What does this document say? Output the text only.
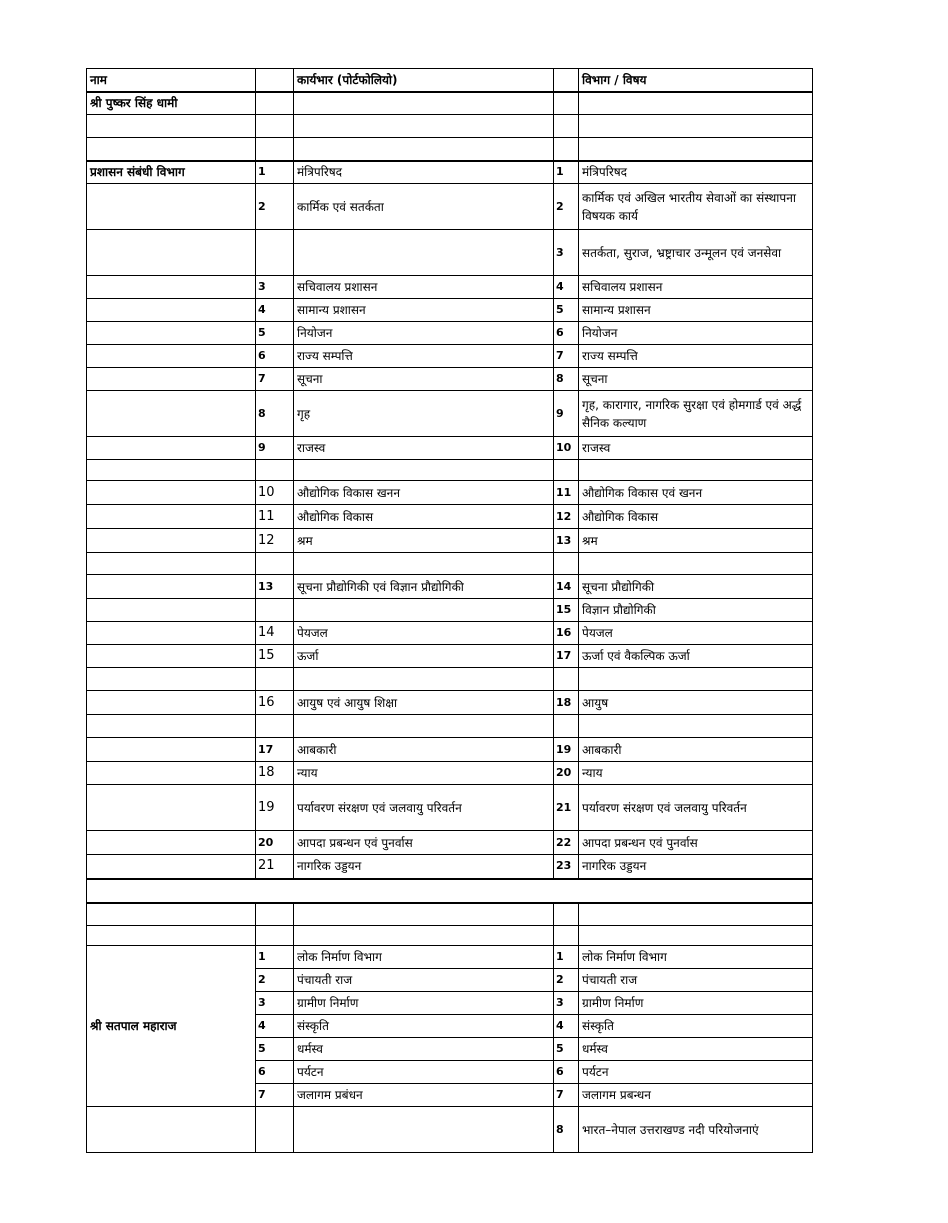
नाम		कार्यभार (पोर्टफोलियो)		विभाग / विषय
श्री पुष्कर सिंह धामी				

प्रशासन संबंधी विभाग	1	मंत्रिपरिषद	1	मंत्रिपरिषद
	2	कार्मिक एवं सतर्कता	2	कार्मिक एवं अखिल भारतीय सेवाओं का संस्थापना विषयक कार्य
			3	सतर्कता, सुराज, भ्रष्ट्राचार उन्मूलन एवं जनसेवा
	3	सचिवालय प्रशासन	4	सचिवालय प्रशासन
	4	सामान्य प्रशासन	5	सामान्य प्रशासन
	5	नियोजन	6	नियोजन
	6	राज्य सम्पत्ति	7	राज्य सम्पत्ति
	7	सूचना	8	सूचना
	8	गृह	9	गृह, कारागार, नागरिक सुरक्षा एवं होमगार्ड एवं अर्द्ध सैनिक कल्याण
	9	राजस्व	10	राजस्व

	10	औद्योगिक विकास खनन	11	औद्योगिक विकास एवं खनन
	11	औद्योगिक विकास	12	औद्योगिक विकास
	12	श्रम	13	श्रम

	13	सूचना प्रौद्योगिकी एवं विज्ञान प्रौद्योगिकी	14	सूचना प्रौद्योगिकी
			15	विज्ञान प्रौद्योगिकी
	14	पेयजल	16	पेयजल
	15	ऊर्जा	17	ऊर्जा एवं वैकल्पिक ऊर्जा

	16	आयुष एवं आयुष शिक्षा	18	आयुष

	17	आबकारी	19	आबकारी
	18	न्याय	20	न्याय
	19	पर्यावरण संरक्षण एवं जलवायु परिवर्तन	21	पर्यावरण संरक्षण एवं जलवायु परिवर्तन
	20	आपदा प्रबन्धन एवं पुनर्वास	22	आपदा प्रबन्धन एवं पुनर्वास
	21	नागरिक उड्डयन	23	नागरिक उड्डयन

श्री सतपाल महाराज	1	लोक निर्माण विभाग	1	लोक निर्माण विभाग
	2	पंचायती राज	2	पंचायती राज
	3	ग्रामीण निर्माण	3	ग्रामीण निर्माण
	4	संस्कृति	4	संस्कृति
	5	धर्मस्व	5	धर्मस्व
	6	पर्यटन	6	पर्यटन
	7	जलागम प्रबंधन	7	जलागम प्रबन्धन
			8	भारत–नेपाल उत्तराखण्ड नदी परियोजनाएं
